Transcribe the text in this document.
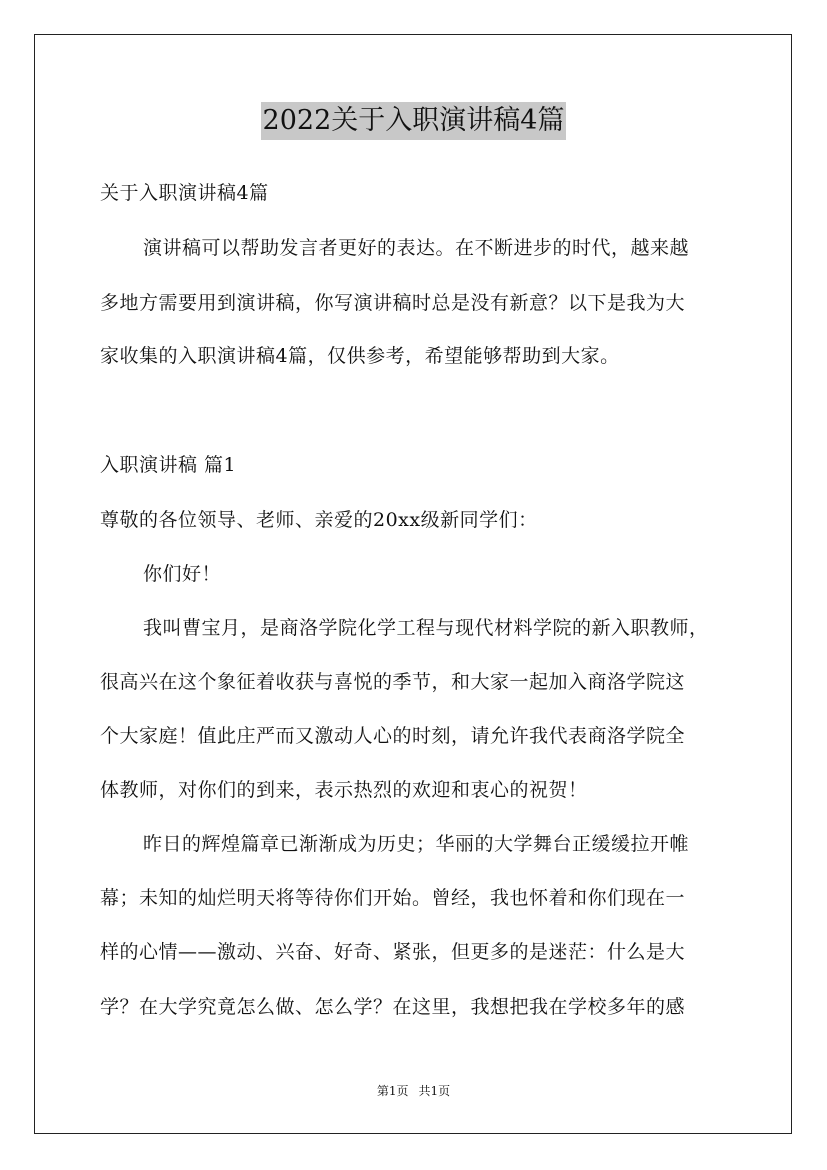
2022关于入职演讲稿4篇
关于入职演讲稿4篇
演讲稿可以帮助发言者更好的表达。在不断进步的时代，越来越
多地方需要用到演讲稿，你写演讲稿时总是没有新意？以下是我为大
家收集的入职演讲稿4篇，仅供参考，希望能够帮助到大家。
入职演讲稿 篇1
尊敬的各位领导、老师、亲爱的20xx级新同学们：
你们好！
我叫曹宝月，是商洛学院化学工程与现代材料学院的新入职教师，
很高兴在这个象征着收获与喜悦的季节，和大家一起加入商洛学院这
个大家庭！值此庄严而又激动人心的时刻，请允许我代表商洛学院全
体教师，对你们的到来，表示热烈的欢迎和衷心的祝贺！
昨日的辉煌篇章已渐渐成为历史；华丽的大学舞台正缓缓拉开帷
幕；未知的灿烂明天将等待你们开始。曾经，我也怀着和你们现在一
样的心情——激动、兴奋、好奇、紧张，但更多的是迷茫：什么是大
学？在大学究竟怎么做、怎么学？在这里，我想把我在学校多年的感
第1页 共1页
